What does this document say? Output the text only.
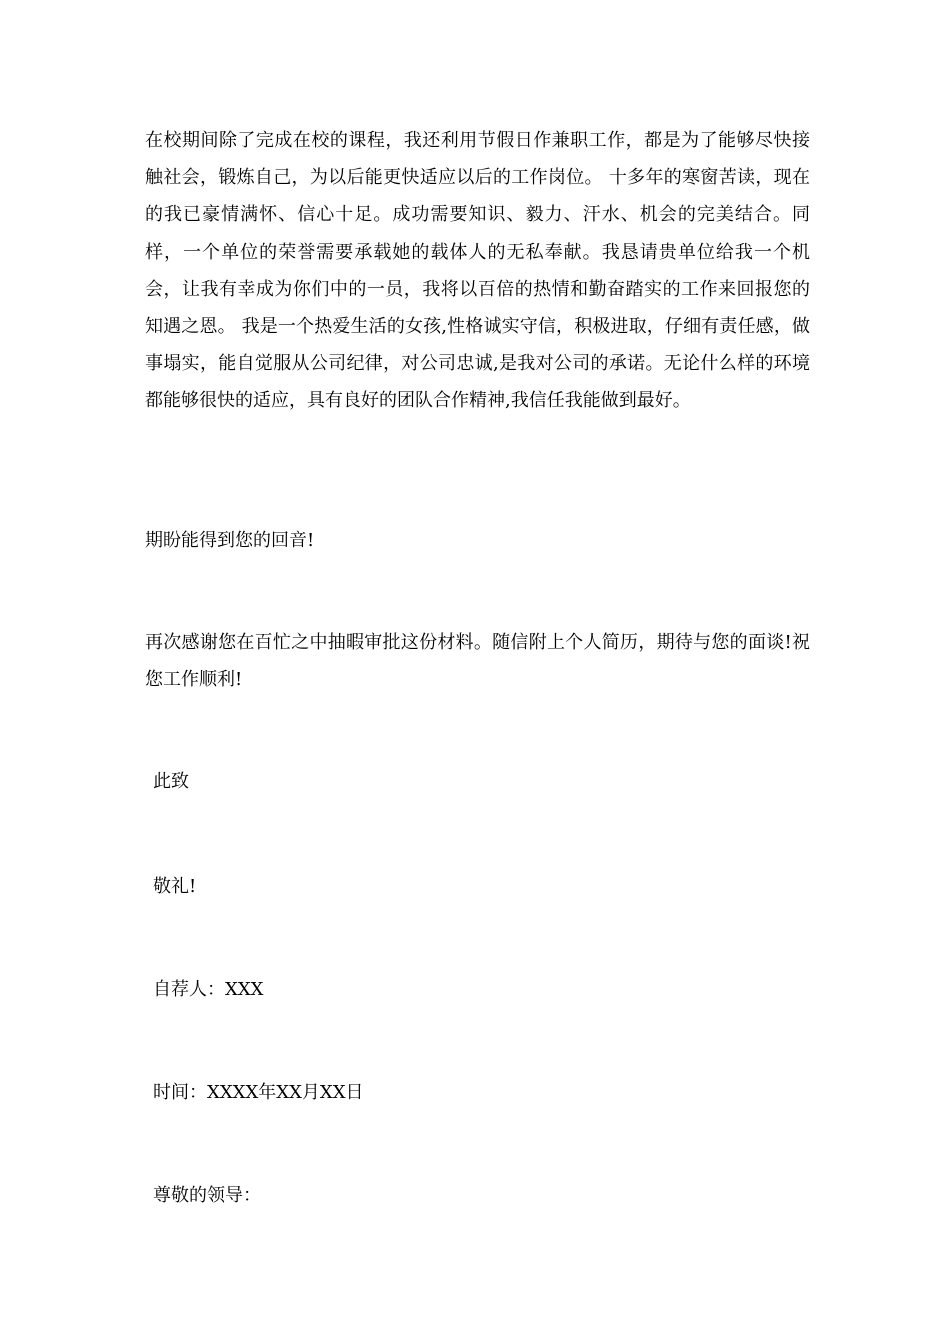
在校期间除了完成在校的课程，我还利用节假日作兼职工作，都是为了能够尽快接触社会，锻炼自己，为以后能更快适应以后的工作岗位。 十多年的寒窗苦读，现在的我已豪情满怀、信心十足。成功需要知识、毅力、汗水、机会的完美结合。同样，一个单位的荣誉需要承载她的载体人的无私奉献。我恳请贵单位给我一个机会，让我有幸成为你们中的一员，我将以百倍的热情和勤奋踏实的工作来回报您的知遇之恩。 我是一个热爱生活的女孩,性格诚实守信，积极进取，仔细有责任感，做事塌实，能自觉服从公司纪律，对公司忠诚,是我对公司的承诺。无论什么样的环境都能够很快的适应，具有良好的团队合作精神,我信任我能做到最好。

期盼能得到您的回音!

再次感谢您在百忙之中抽暇审批这份材料。随信附上个人简历，期待与您的面谈!祝您工作顺利!

此致

敬礼!

自荐人：XXX

时间：XXXX年XX月XX日

尊敬的领导：
